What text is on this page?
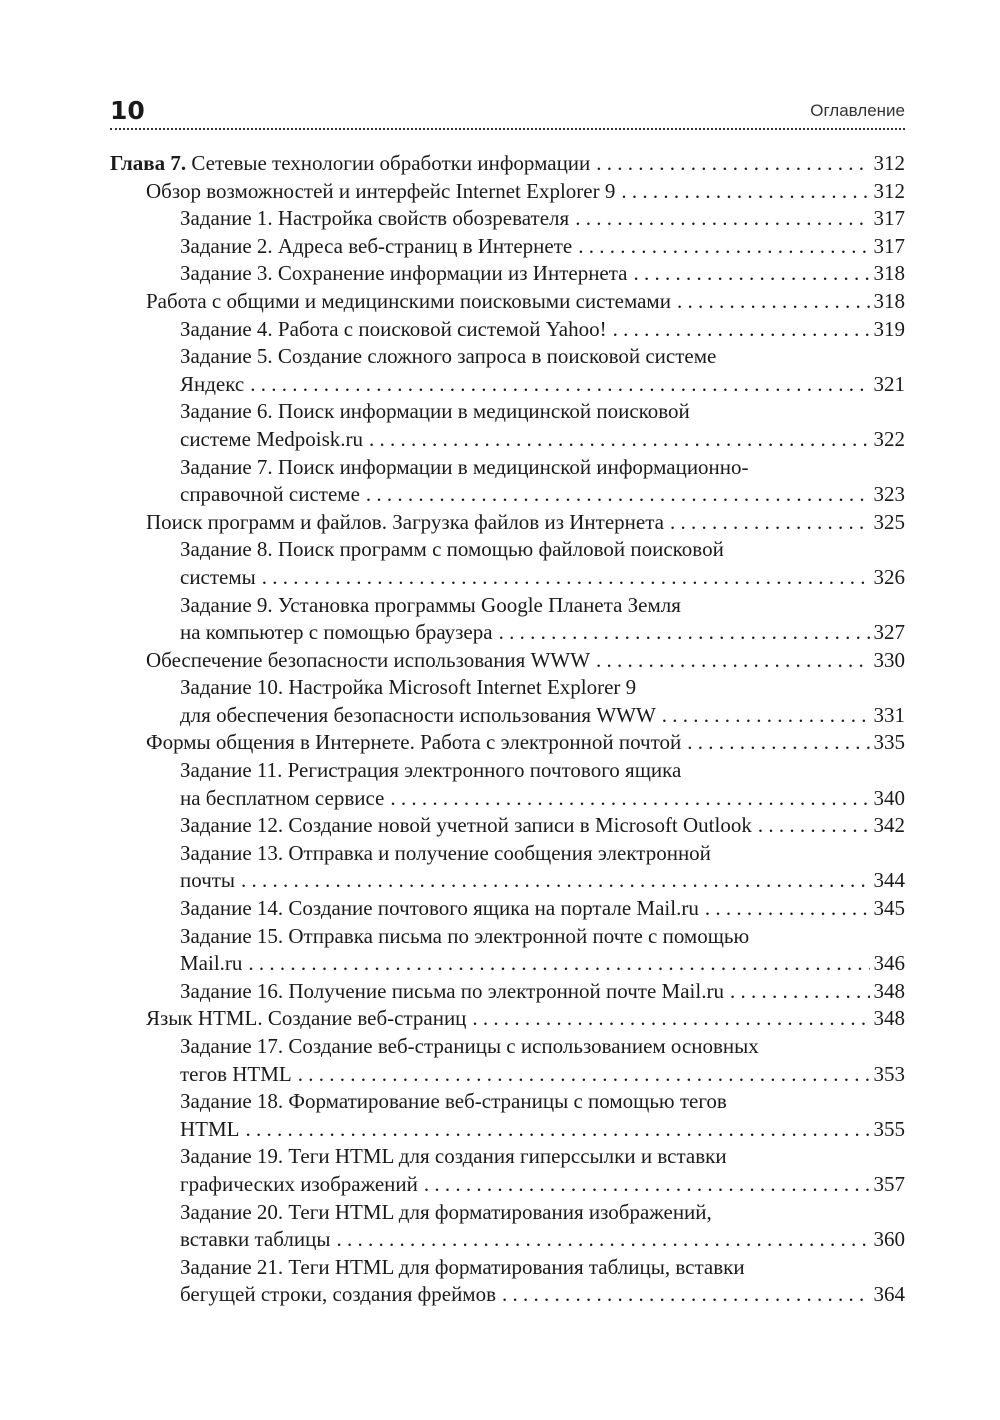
10	Оглавление
Глава 7. Сетевые технологии обработки информации . . .	312
Обзор возможностей и интерфейс Internet Explorer 9 . . .	312
Задание 1. Настройка свойств обозревателя . . .	317
Задание 2. Адреса веб-страниц в Интернете . . .	317
Задание 3. Сохранение информации из Интернета . . .	318
Работа с общими и медицинскими поисковыми системами . . .	318
Задание 4. Работа с поисковой системой Yahoo! . . .	319
Задание 5. Создание сложного запроса в поисковой системе
Яндекс . . .	321
Задание 6. Поиск информации в медицинской поисковой
системе Medpoisk.ru . . .	322
Задание 7. Поиск информации в медицинской информационно-
справочной системе . . .	323
Поиск программ и файлов. Загрузка файлов из Интернета . . .	325
Задание 8. Поиск программ с помощью файловой поисковой
системы . . .	326
Задание 9. Установка программы Google Планета Земля
на компьютер с помощью браузера . . .	327
Обеспечение безопасности использования WWW . . .	330
Задание 10. Настройка Microsoft Internet Explorer 9
для обеспечения безопасности использования WWW . . .	331
Формы общения в Интернете. Работа с электронной почтой . . .	335
Задание 11. Регистрация электронного почтового ящика
на бесплатном сервисе . . .	340
Задание 12. Создание новой учетной записи в Microsoft Outlook . . .	342
Задание 13. Отправка и получение сообщения электронной
почты . . .	344
Задание 14. Создание почтового ящика на портале Mail.ru . . .	345
Задание 15. Отправка письма по электронной почте с помощью
Mail.ru . . .	346
Задание 16. Получение письма по электронной почте Mail.ru . . .	348
Язык HTML. Создание веб-страниц . . .	348
Задание 17. Создание веб-страницы с использованием основных
тегов HTML . . .	353
Задание 18. Форматирование веб-страницы с помощью тегов
HTML . . .	355
Задание 19. Теги HTML для создания гиперссылки и вставки
графических изображений . . .	357
Задание 20. Теги HTML для форматирования изображений,
вставки таблицы . . .	360
Задание 21. Теги HTML для форматирования таблицы, вставки
бегущей строки, создания фреймов . . .	364
